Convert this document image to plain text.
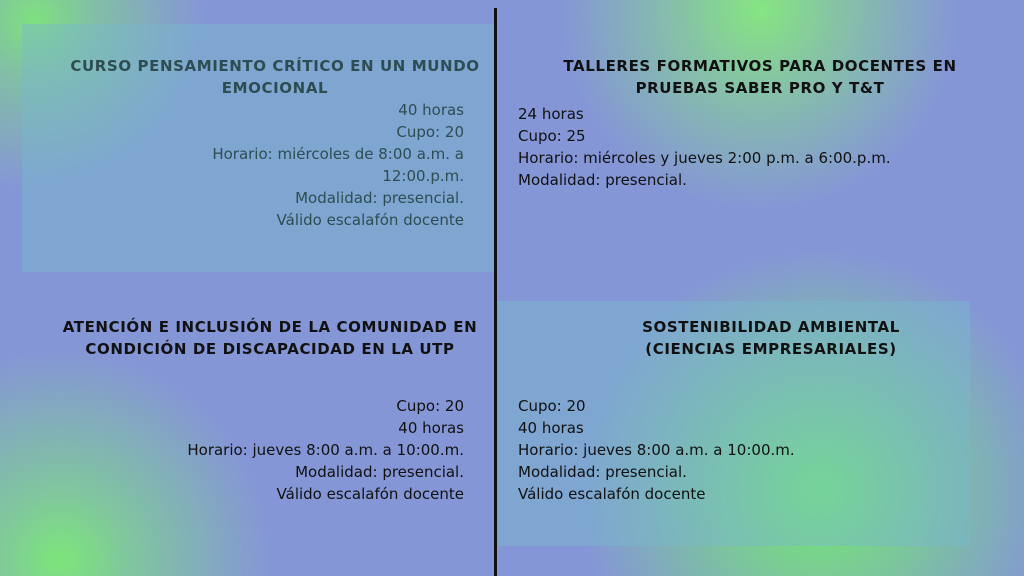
CURSO PENSAMIENTO CRÍTICO EN UN MUNDO EMOCIONAL
40 horas
Cupo: 20
Horario: miércoles de 8:00 a.m. a
12:00.p.m.
Modalidad: presencial.
Válido escalafón docente
TALLERES FORMATIVOS PARA DOCENTES EN PRUEBAS SABER PRO Y T&T
24 horas
Cupo: 25
Horario: miércoles y jueves 2:00 p.m. a 6:00.p.m.
Modalidad: presencial.
ATENCIÓN E INCLUSIÓN DE LA COMUNIDAD EN CONDICIÓN DE DISCAPACIDAD EN LA UTP
Cupo: 20
40 horas
Horario: jueves 8:00 a.m. a 10:00.m.
Modalidad: presencial.
Válido escalafón docente
SOSTENIBILIDAD AMBIENTAL (CIENCIAS EMPRESARIALES)
Cupo: 20
40 horas
Horario: jueves 8:00 a.m. a 10:00.m.
Modalidad: presencial.
Válido escalafón docente
